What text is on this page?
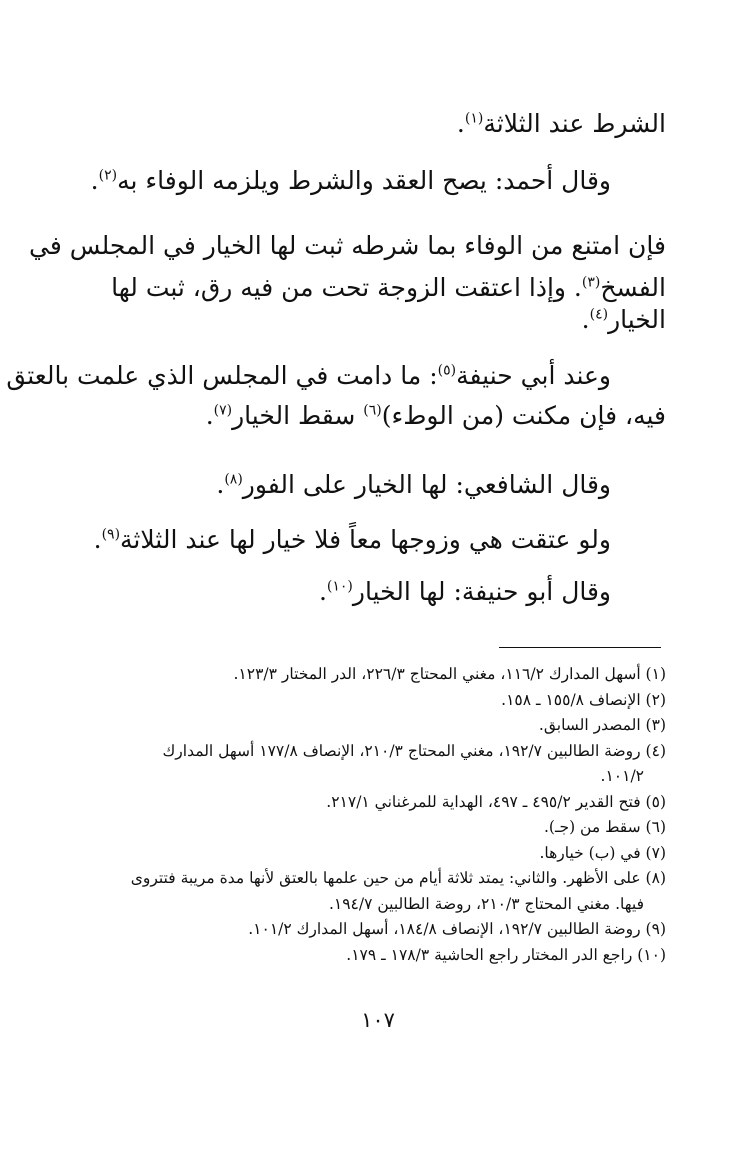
الشرط عند الثلاثة$^{(١)}$.
وقال أحمد: يصح العقد والشرط ويلزمه الوفاء به$^{(٢)}$.
فإن امتنع من الوفاء بما شرطه ثبت لها الخيار في المجلس في
الفسخ$^{(٣)}$. وإذا اعتقت الزوجة تحت من فيه رق، ثبت لها
الخيار$^{(٤)}$.
وعند أبي حنيفة$^{(٥)}$: ما دامت في المجلس الذي علمت بالعتق
فيه، فإن مكنت (من الوطء)$^{(٦)}$ سقط الخيار$^{(٧)}$.
وقال الشافعي: لها الخيار على الفور$^{(٨)}$.
ولو عتقت هي وزوجها معاً فلا خيار لها عند الثلاثة$^{(٩)}$.
وقال أبو حنيفة: لها الخيار$^{(١٠)}$.
(١) أسهل المدارك ١١٦/٢، مغني المحتاج ٢٢٦/٣، الدر المختار ١٢٣/٣.
(٢) الإنصاف ١٥٥/٨ ـ ١٥٨.
(٣) المصدر السابق.
(٤) روضة الطالبين ١٩٢/٧، مغني المحتاج ٢١٠/٣، الإنصاف ١٧٧/٨ أسهل المدارك
١٠١/٢.
(٥) فتح القدير ٤٩٥/٢ ـ ٤٩٧، الهداية للمرغناني ٢١٧/١.
(٦) سقط من (جـ).
(٧) في (ب) خيارها.
(٨) على الأظهر. والثاني: يمتد ثلاثة أيام من حين علمها بالعتق لأنها مدة مريبة فتتروى
فيها. مغني المحتاج ٢١٠/٣، روضة الطالبين ١٩٤/٧.
(٩) روضة الطالبين ١٩٢/٧، الإنصاف ١٨٤/٨، أسهل المدارك ١٠١/٢.
(١٠) راجع الدر المختار راجع الحاشية ١٧٨/٣ ـ ١٧٩.
١٠٧
